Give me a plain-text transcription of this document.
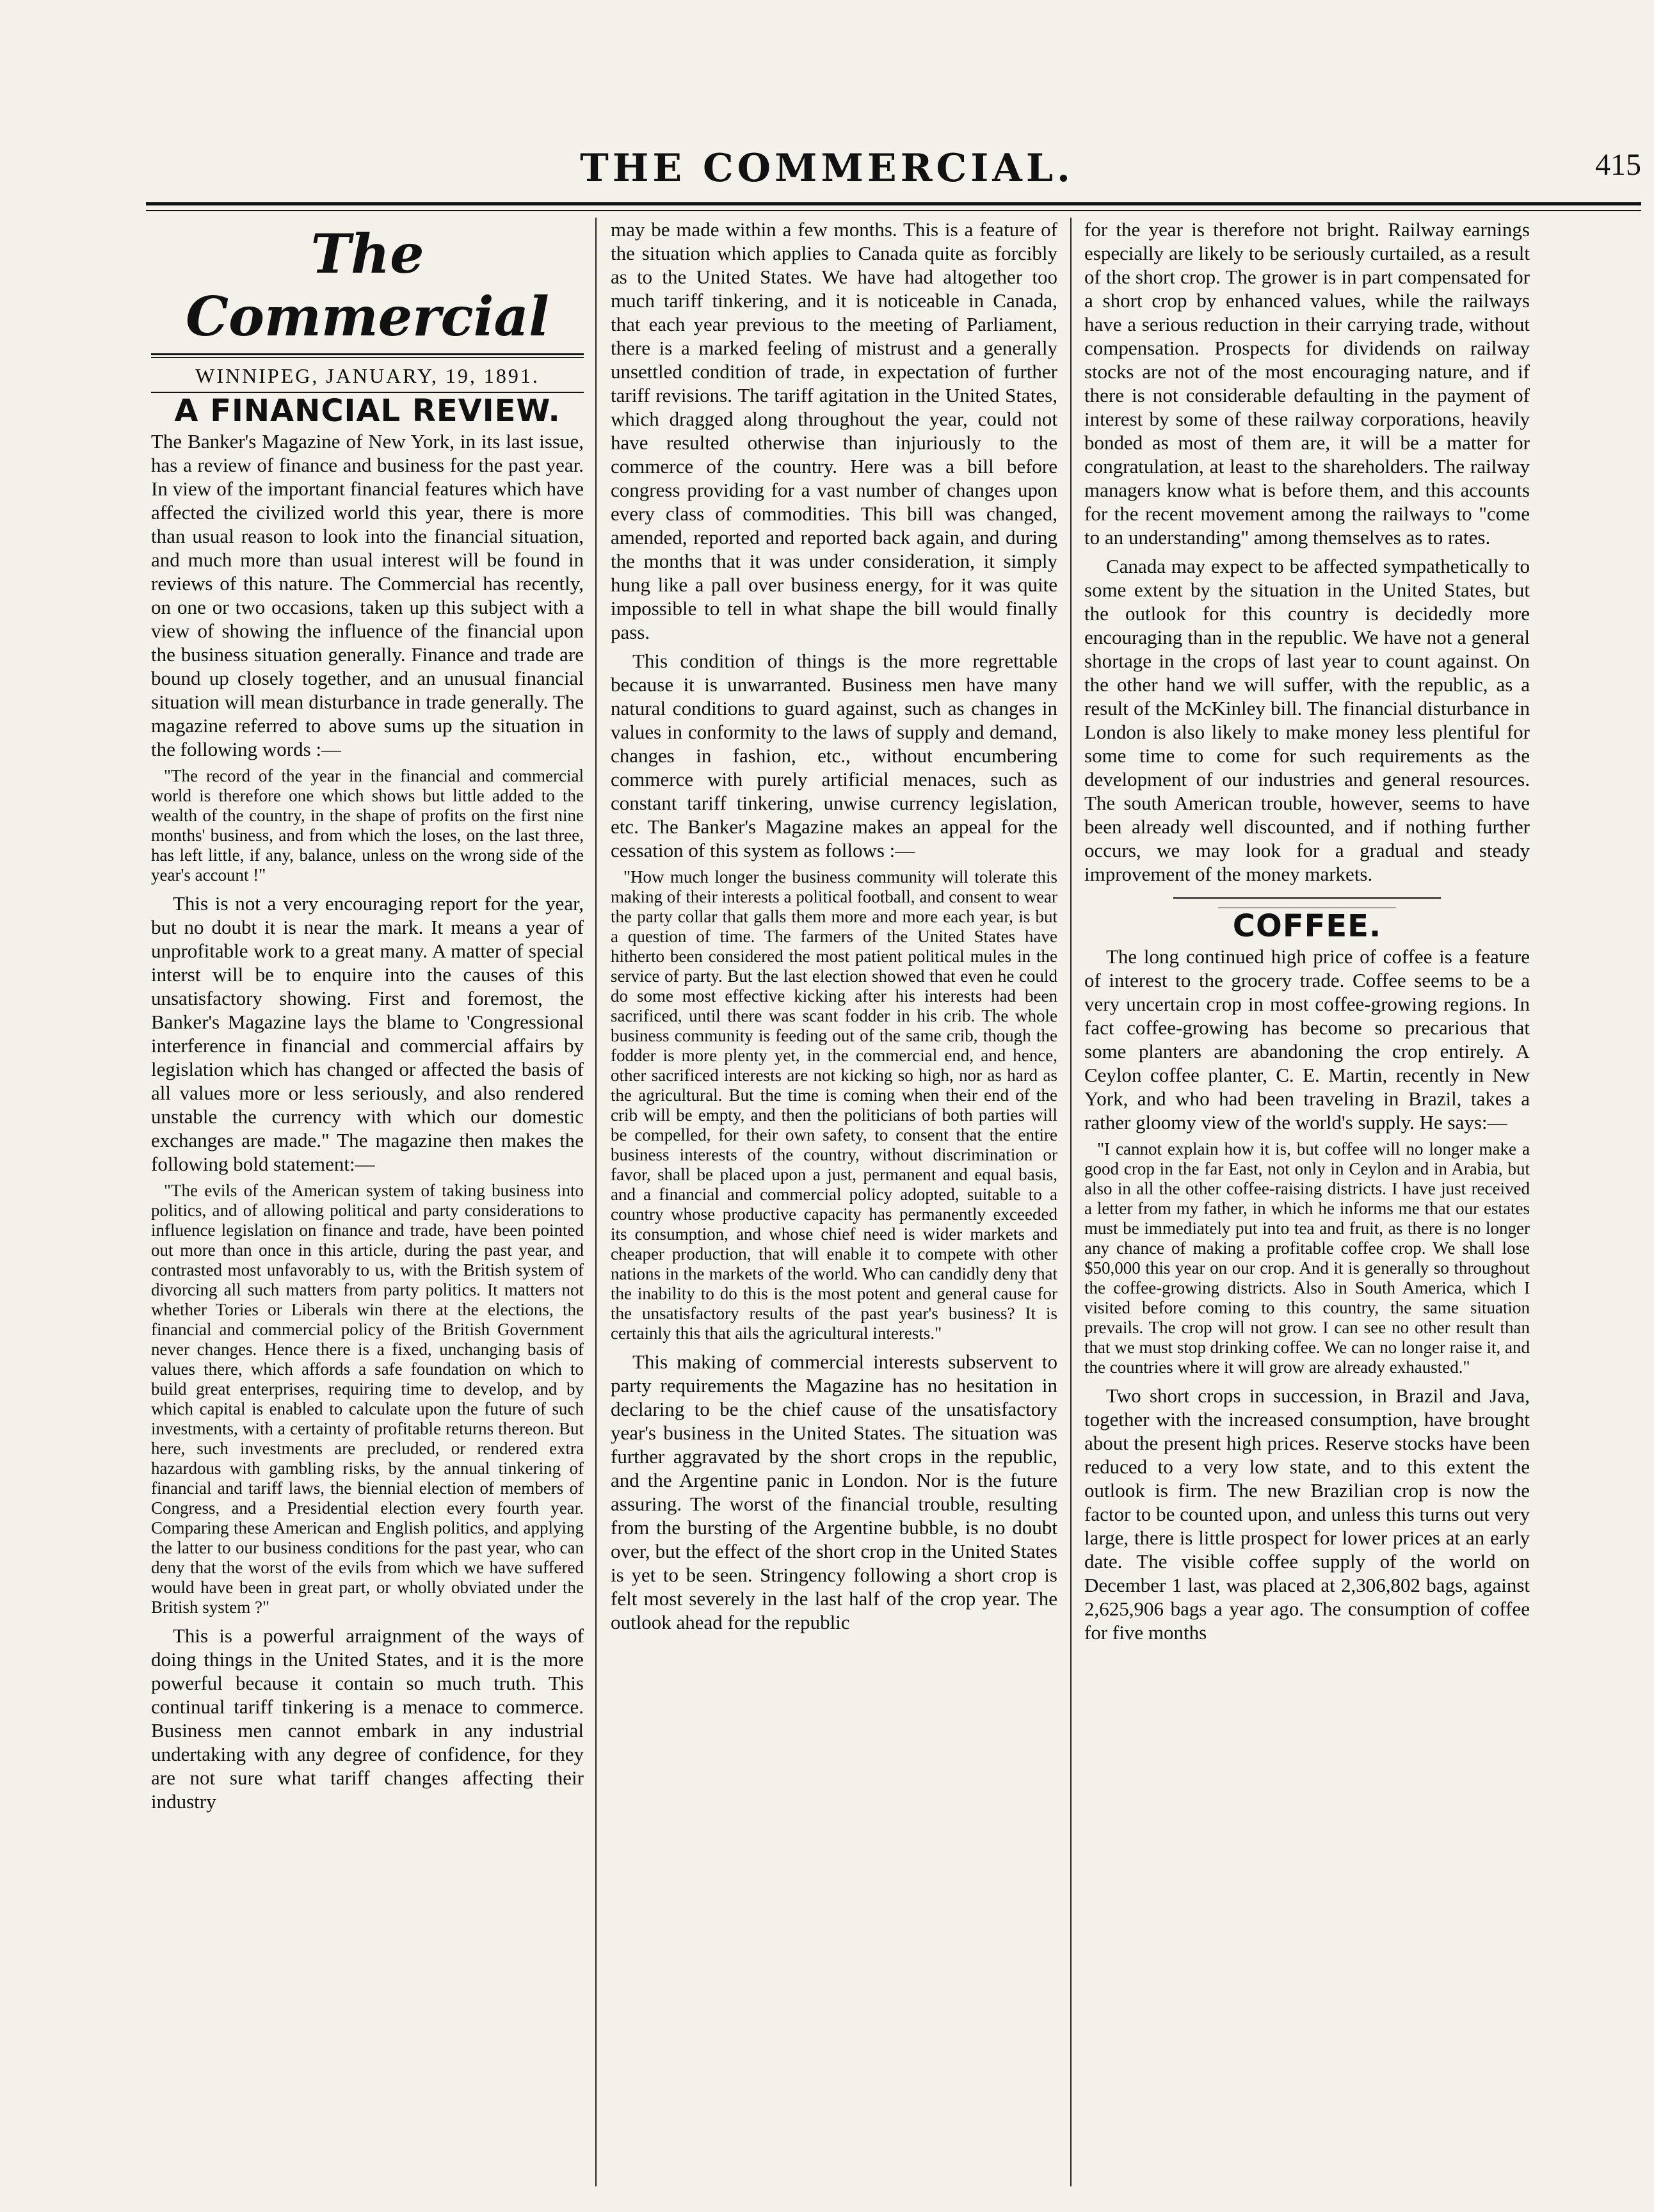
THE COMMERCIAL.	415
The Commercial
WINNIPEG, JANUARY, 19, 1891.
A FINANCIAL REVIEW.

The Banker's Magazine of New York, in its last issue, has a review of finance and business for the past year. In view of the important financial features which have affected the civilized world this year, there is more than usual reason to look into the financial situation, and much more than usual interest will be found in reviews of this nature. The Commercial has recently, on one or two occasions, taken up this subject with a view of showing the influence of the financial upon the business situation generally. Finance and trade are bound up closely together, and an unusual financial situation will mean disturbance in trade generally. The magazine referred to above sums up the situation in the following words :—

"The record of the year in the financial and commercial world is therefore one which shows but little added to the wealth of the country, in the shape of profits on the first nine months' business, and from which the loses, on the last three, has left little, if any, balance, unless on the wrong side of the year's account !"

This is not a very encouraging report for the year, but no doubt it is near the mark. It means a year of unprofitable work to a great many. A matter of special interst will be to enquire into the causes of this unsatisfactory showing. First and foremost, the Banker's Magazine lays the blame to 'Congressional interference in financial and commercial affairs by legislation which has changed or affected the basis of all values more or less seriously, and also rendered unstable the currency with which our domestic exchanges are made." The magazine then makes the following bold statement:—

"The evils of the American system of taking business into politics, and of allowing political and party considerations to influence legislation on finance and trade, have been pointed out more than once in this article, during the past year, and contrasted most unfavorably to us, with the British system of divorcing all such matters from party politics. It matters not whether Tories or Liberals win there at the elections, the financial and commercial policy of the British Government never changes. Hence there is a fixed, unchanging basis of values there, which affords a safe foundation on which to build great enterprises, requiring time to develop, and by which capital is enabled to calculate upon the future of such investments, with a certainty of profitable returns thereon. But here, such investments are precluded, or rendered extra hazardous with gambling risks, by the annual tinkering of financial and tariff laws, the biennial election of members of Congress, and a Presidential election every fourth year. Comparing these American and English politics, and applying the latter to our business conditions for the past year, who can deny that the worst of the evils from which we have suffered would have been in great part, or wholly obviated under the British system ?"

This is a powerful arraignment of the ways of doing things in the United States, and it is the more powerful because it contain so much truth. This continual tariff tinkering is a menace to commerce. Business men cannot embark in any industrial undertaking with any degree of confidence, for they are not sure what tariff changes affecting their industry

may be made within a few months. This is a feature of the situation which applies to Canada quite as forcibly as to the United States. We have had altogether too much tariff tinkering, and it is noticeable in Canada, that each year previous to the meeting of Parliament, there is a marked feeling of mistrust and a generally unsettled condition of trade, in expectation of further tariff revisions. The tariff agitation in the United States, which dragged along throughout the year, could not have resulted otherwise than injuriously to the commerce of the country. Here was a bill before congress providing for a vast number of changes upon every class of commodities. This bill was changed, amended, reported and reported back again, and during the months that it was under consideration, it simply hung like a pall over business energy, for it was quite impossible to tell in what shape the bill would finally pass.

This condition of things is the more regrettable because it is unwarranted. Business men have many natural conditions to guard against, such as changes in values in conformity to the laws of supply and demand, changes in fashion, etc., without encumbering commerce with purely artificial menaces, such as constant tariff tinkering, unwise currency legislation, etc. The Banker's Magazine makes an appeal for the cessation of this system as follows :—

"How much longer the business community will tolerate this making of their interests a political football, and consent to wear the party collar that galls them more and more each year, is but a question of time. The farmers of the United States have hitherto been considered the most patient political mules in the service of party. But the last election showed that even he could do some most effective kicking after his interests had been sacrificed, until there was scant fodder in his crib. The whole business community is feeding out of the same crib, though the fodder is more plenty yet, in the commercial end, and hence, other sacrificed interests are not kicking so high, nor as hard as the agricultural. But the time is coming when their end of the crib will be empty, and then the politicians of both parties will be compelled, for their own safety, to consent that the entire business interests of the country, without discrimination or favor, shall be placed upon a just, permanent and equal basis, and a financial and commercial policy adopted, suitable to a country whose productive capacity has permanently exceeded its consumption, and whose chief need is wider markets and cheaper production, that will enable it to compete with other nations in the markets of the world. Who can candidly deny that the inability to do this is the most potent and general cause for the unsatisfactory results of the past year's business? It is certainly this that ails the agricultural interests."

This making of commercial interests subservent to party requirements the Magazine has no hesitation in declaring to be the chief cause of the unsatisfactory year's business in the United States. The situation was further aggravated by the short crops in the republic, and the Argentine panic in London. Nor is the future assuring. The worst of the financial trouble, resulting from the bursting of the Argentine bubble, is no doubt over, but the effect of the short crop in the United States is yet to be seen. Stringency following a short crop is felt most severely in the last half of the crop year. The outlook ahead for the republic

for the year is therefore not bright. Railway earnings especially are likely to be seriously curtailed, as a result of the short crop. The grower is in part compensated for a short crop by enhanced values, while the railways have a serious reduction in their carrying trade, without compensation. Prospects for dividends on railway stocks are not of the most encouraging nature, and if there is not considerable defaulting in the payment of interest by some of these railway corporations, heavily bonded as most of them are, it will be a matter for congratulation, at least to the shareholders. The railway managers know what is before them, and this accounts for the recent movement among the railways to "come to an understanding" among themselves as to rates.

Canada may expect to be affected sympathetically to some extent by the situation in the United States, but the outlook for this country is decidedly more encouraging than in the republic. We have not a general shortage in the crops of last year to count against. On the other hand we will suffer, with the republic, as a result of the McKinley bill. The financial disturbance in London is also likely to make money less plentiful for some time to come for such requirements as the development of our industries and general resources. The south American trouble, however, seems to have been already well discounted, and if nothing further occurs, we may look for a gradual and steady improvement of the money markets.

COFFEE.

The long continued high price of coffee is a feature of interest to the grocery trade. Coffee seems to be a very uncertain crop in most coffee-growing regions. In fact coffee-growing has become so precarious that some planters are abandoning the crop entirely. A Ceylon coffee planter, C. E. Martin, recently in New York, and who had been traveling in Brazil, takes a rather gloomy view of the world's supply. He says:—

"I cannot explain how it is, but coffee will no longer make a good crop in the far East, not only in Ceylon and in Arabia, but also in all the other coffee-raising districts. I have just received a letter from my father, in which he informs me that our estates must be immediately put into tea and fruit, as there is no longer any chance of making a profitable coffee crop. We shall lose $50,000 this year on our crop. And it is generally so throughout the coffee-growing districts. Also in South America, which I visited before coming to this country, the same situation prevails. The crop will not grow. I can see no other result than that we must stop drinking coffee. We can no longer raise it, and the countries where it will grow are already exhausted."

Two short crops in succession, in Brazil and Java, together with the increased consumption, have brought about the present high prices. Reserve stocks have been reduced to a very low state, and to this extent the outlook is firm. The new Brazilian crop is now the factor to be counted upon, and unless this turns out very large, there is little prospect for lower prices at an early date. The visible coffee supply of the world on December 1 last, was placed at 2,306,802 bags, against 2,625,906 bags a year ago. The consumption of coffee for five months
